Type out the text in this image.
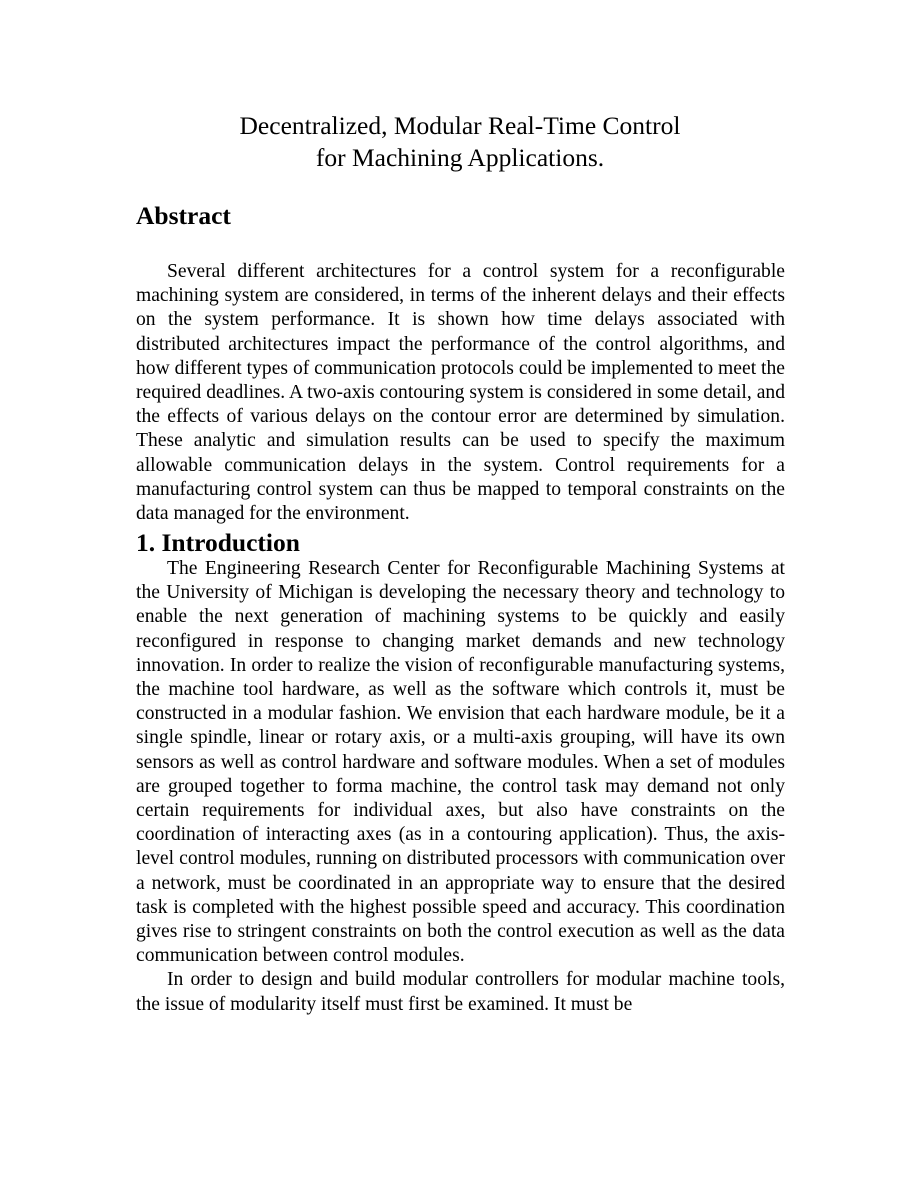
Decentralized, Modular Real-Time Control
for Machining Applications.
Abstract

Several different architectures for a control system for a reconfigurable machining system are considered, in terms of the inherent delays and their effects on the system performance. It is shown how time delays associated with distributed architectures impact the performance of the control algorithms, and how different types of communication protocols could be implemented to meet the required deadlines. A two-axis contouring system is considered in some detail, and the effects of various delays on the contour error are determined by simulation. These analytic and simulation results can be used to specify the maximum allowable communication delays in the system. Control requirements for a manufacturing control system can thus be mapped to temporal constraints on the data managed for the environment.

1. Introduction

The Engineering Research Center for Reconfigurable Machining Systems at the University of Michigan is developing the necessary theory and technology to enable the next generation of machining systems to be quickly and easily reconfigured in response to changing market demands and new technology innovation. In order to realize the vision of reconfigurable manufacturing systems, the machine tool hardware, as well as the software which controls it, must be constructed in a modular fashion. We envision that each hardware module, be it a single spindle, linear or rotary axis, or a multi-axis grouping, will have its own sensors as well as control hardware and software modules. When a set of modules are grouped together to forma machine, the control task may demand not only certain requirements for individual axes, but also have constraints on the coordination of interacting axes (as in a contouring application). Thus, the axis-level control modules, running on distributed processors with communication over a network, must be coordinated in an appropriate way to ensure that the desired task is completed with the highest possible speed and accuracy. This coordination gives rise to stringent constraints on both the control execution as well as the data communication between control modules.

In order to design and build modular controllers for modular machine tools, the issue of modularity itself must first be examined. It must be
